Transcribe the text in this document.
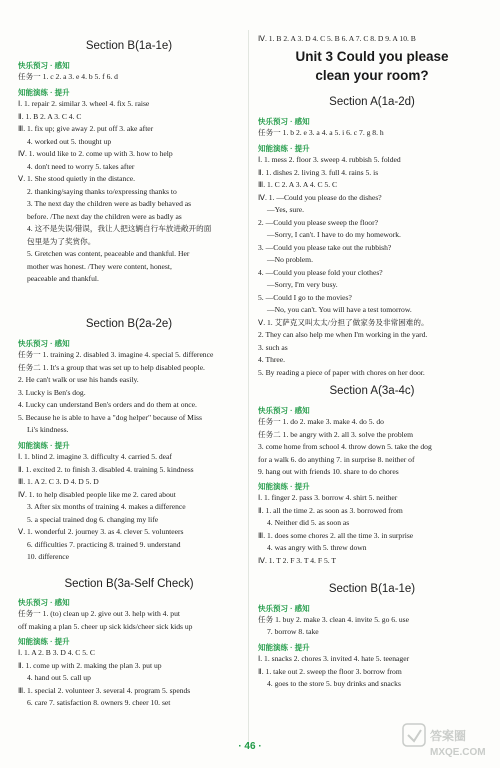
Section B(1a-1e)
快乐预习 · 感知
任务一 1. c 2. a 3. e 4. b 5. f 6. d
知能演练 · 提升
Ⅰ. 1. repair 2. similar 3. wheel 4. fix 5. raise
Ⅱ. 1. B 2. A 3. C 4. C
Ⅲ. 1. fix up; give away 2. put off 3. ake after
4. worked out 5. thought up
Ⅳ. 1. would like to 2. come up with 3. how to help
4. don't need to worry 5. takes after
Ⅴ. 1. She stood quietly in the distance.
2. thanking/saying thanks to/expressing thanks to
3. The next day the children were as badly behaved as
before. /The next day the children were as badly as
4. 这不是失误/错误，我让人把这辆自行车放进敞开的面
包里是为了奖赏你。
5. Gretchen was content, peaceable and thankful. Her
mother was honest. /They were content, honest,
peaceable and thankful.
Section B(2a-2e)
快乐预习 · 感知
任务一 1. training 2. disabled 3. imagine 4. special 5. difference
任务二 1. It's a group that was set up to help disabled people.
2. He can't walk or use his hands easily.
3. Lucky is Ben's dog.
4. Lucky can understand Ben's orders and do them at once.
5. Because he is able to have a "dog helper" because of Miss
Li's kindness.
知能演练 · 提升
Ⅰ. 1. blind 2. imagine 3. difficulty 4. carried 5. deaf
Ⅱ. 1. excited 2. to finish 3. disabled 4. training 5. kindness
Ⅲ. 1. A 2. C 3. D 4. D 5. D
Ⅳ. 1. to help disabled people like me 2. cared about
3. After six months of training 4. makes a difference
5. a special trained dog 6. changing my life
Ⅴ. 1. wonderful 2. journey 3. as 4. clever 5. volunteers
6. difficulties 7. practicing 8. trained 9. understand
10. difference
Section B(3a-Self Check)
快乐预习 · 感知
任务一 1. (to) clean up 2. give out 3. help with 4. put
off making a plan 5. cheer up sick kids/cheer sick kids up
知能演练 · 提升
Ⅰ. 1. A 2. B 3. D 4. C 5. C
Ⅱ. 1. come up with 2. making the plan 3. put up
4. hand out 5. call up
Ⅲ. 1. special 2. volunteer 3. several 4. program 5. spends
6. care 7. satisfaction 8. owners 9. cheer 10. set
Ⅳ. 1. B 2. A 3. D 4. C 5. B 6. A 7. C 8. D 9. A 10. B
Unit 3 Could you please
clean your room?
Section A(1a-2d)
快乐预习 · 感知
任务一 1. b 2. e 3. a 4. a 5. i 6. c 7. g 8. h
知能演练 · 提升
Ⅰ. 1. mess 2. floor 3. sweep 4. rubbish 5. folded
Ⅱ. 1. dishes 2. living 3. full 4. rains 5. is
Ⅲ. 1. C 2. A 3. A 4. C 5. C
Ⅳ. 1. —Could you please do the dishes?
—Yes, sure.
2. —Could you please sweep the floor?
—Sorry, I can't. I have to do my homework.
3. —Could you please take out the rubbish?
—No problem.
4. —Could you please fold your clothes?
—Sorry, I'm very busy.
5. —Could I go to the movies?
—No, you can't. You will have a test tomorrow.
Ⅴ. 1. 艾萨克又叫太太/分担了做家务及非常困难的。
2. They can also help me when I'm working in the yard.
3. such as
4. Three.
5. By reading a piece of paper with chores on her door.
Section A(3a-4c)
快乐预习 · 感知
任务一 1. do 2. make 3. make 4. do 5. do
任务二 1. be angry with 2. all 3. solve the problem
3. come home from school 4. throw down 5. take the dog
for a walk 6. do anything 7. in surprise 8. neither of
9. hang out with friends 10. share to do chores
知能演练 · 提升
Ⅰ. 1. finger 2. pass 3. borrow 4. shirt 5. neither
Ⅱ. 1. all the time 2. as soon as 3. borrowed from
4. Neither did 5. as soon as
Ⅲ. 1. does some chores 2. all the time 3. in surprise
4. was angry with 5. threw down
Ⅳ. 1. T 2. F 3. T 4. F 5. T
Section B(1a-1e)
快乐预习 · 感知
任务 1. buy 2. make 3. clean 4. invite 5. go 6. use
7. borrow 8. take
知能演练 · 提升
Ⅰ. 1. snacks 2. chores 3. invited 4. hate 5. teenager
Ⅱ. 1. take out 2. sweep the floor 3. borrow from
4. goes to the store 5. buy drinks and snacks
· 46 ·
答案圈
MXQE.COM
